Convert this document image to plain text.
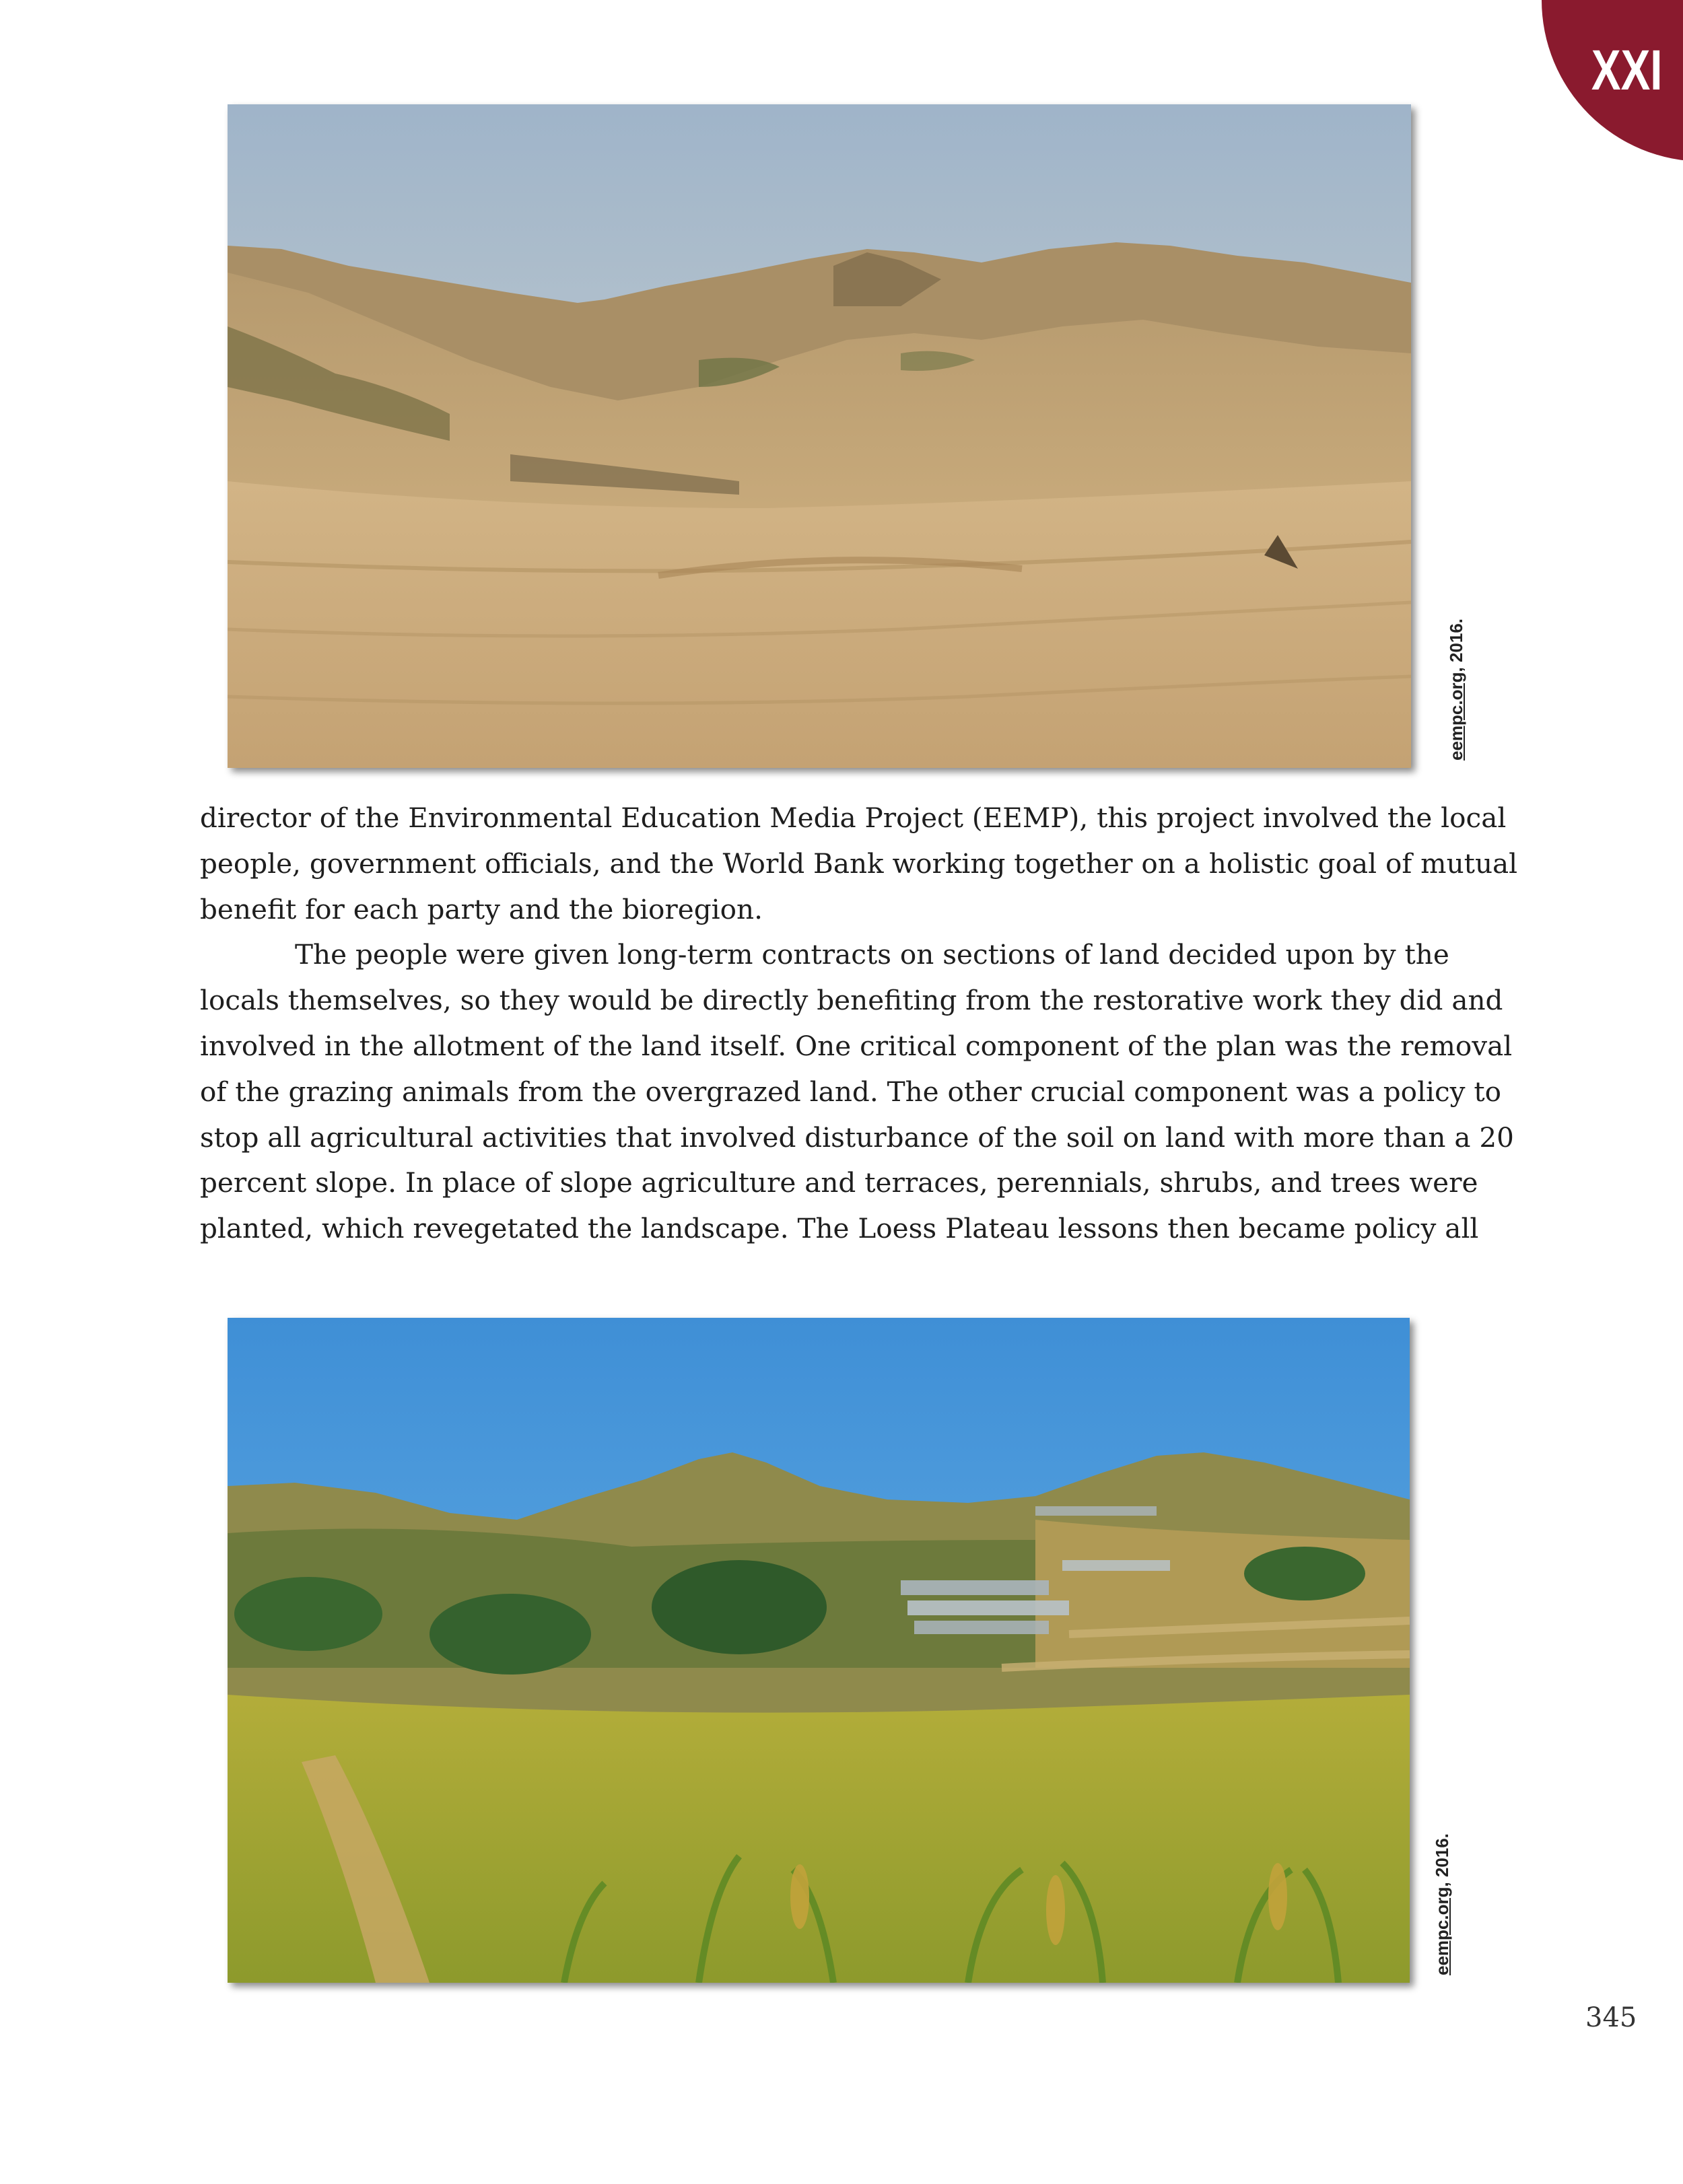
XXI
eempc.org, 2016.

director of the Environmental Education Media Project (EEMP), this project involved the local
people, government officials, and the World Bank working together on a holistic goal of mutual
benefit for each party and the bioregion.

The people were given long-term contracts on sections of land decided upon by the
locals themselves, so they would be directly benefiting from the restorative work they did and
involved in the allotment of the land itself. One critical component of the plan was the removal
of the grazing animals from the overgrazed land. The other crucial component was a policy to
stop all agricultural activities that involved disturbance of the soil on land with more than a 20
percent slope. In place of slope agriculture and terraces, perennials, shrubs, and trees were
planted, which revegetated the landscape. The Loess Plateau lessons then became policy all

eempc.org, 2016.
345
